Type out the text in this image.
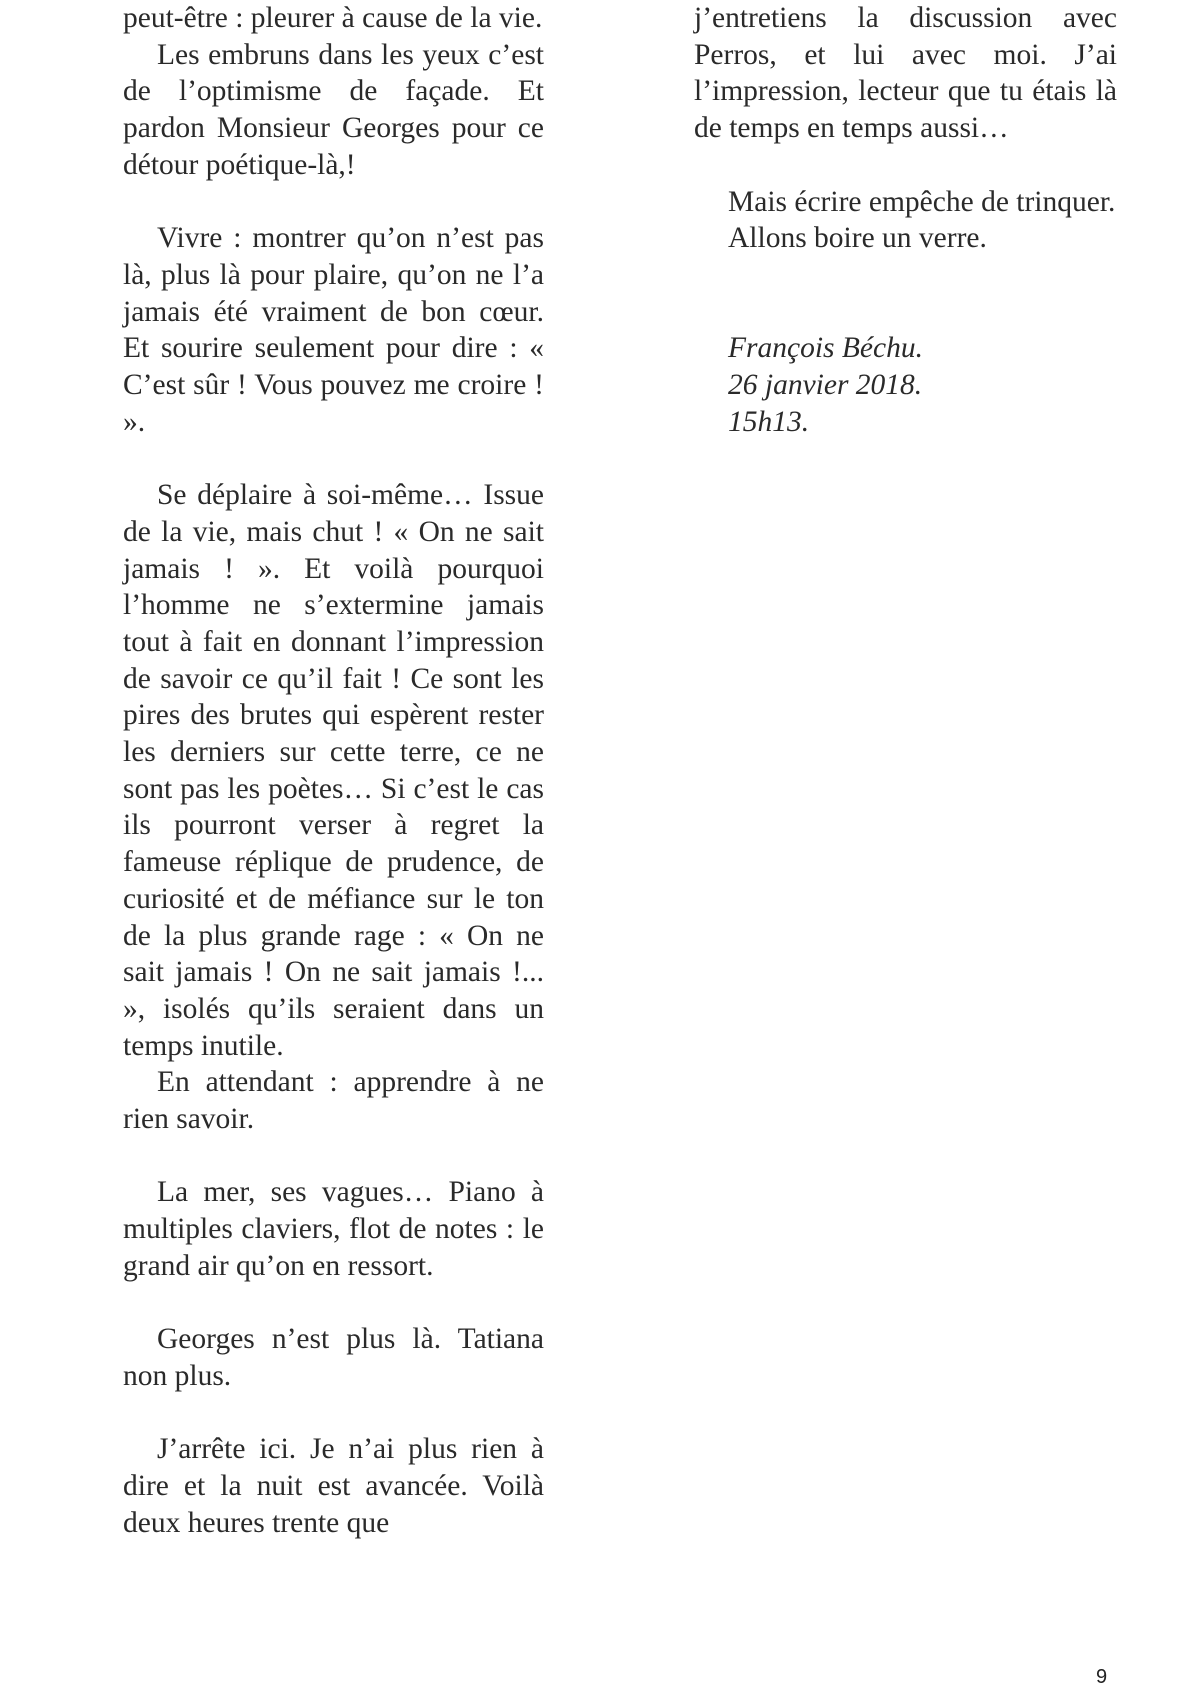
peut-être : pleurer à cause de la vie.

Les embruns dans les yeux c’est de l’optimisme de façade. Et pardon Monsieur Georges pour ce détour poétique-là,!

Vivre : montrer qu’on n’est pas là, plus là pour plaire, qu’on ne l’a jamais été vraiment de bon cœur. Et sourire seulement pour dire : « C’est sûr ! Vous pouvez me croire ! ».

Se déplaire à soi-même… Issue de la vie, mais chut ! « On ne sait jamais ! ». Et voilà pourquoi l’homme ne s’extermine jamais tout à fait en donnant l’impression de savoir ce qu’il fait ! Ce sont les pires des brutes qui espèrent rester les derniers sur cette terre, ce ne sont pas les poètes… Si c’est le cas ils pourront verser à regret la fameuse réplique de prudence, de curiosité et de méfiance sur le ton de la plus grande rage : « On ne sait jamais ! On ne sait jamais !... », isolés qu’ils seraient dans un temps inutile.

En attendant : apprendre à ne rien savoir.

La mer, ses vagues… Piano à multiples claviers, flot de notes : le grand air qu’on en ressort.

Georges n’est plus là. Tatiana non plus.

J’arrête ici. Je n’ai plus rien à dire et la nuit est avancée. Voilà deux heures trente que

j’entretiens la discussion avec Perros, et lui avec moi. J’ai l’impression, lecteur que tu étais là de temps en temps aussi…

Mais écrire empêche de trinquer.

Allons boire un verre.

François Béchu.
26 janvier 2018.
15h13.
9
